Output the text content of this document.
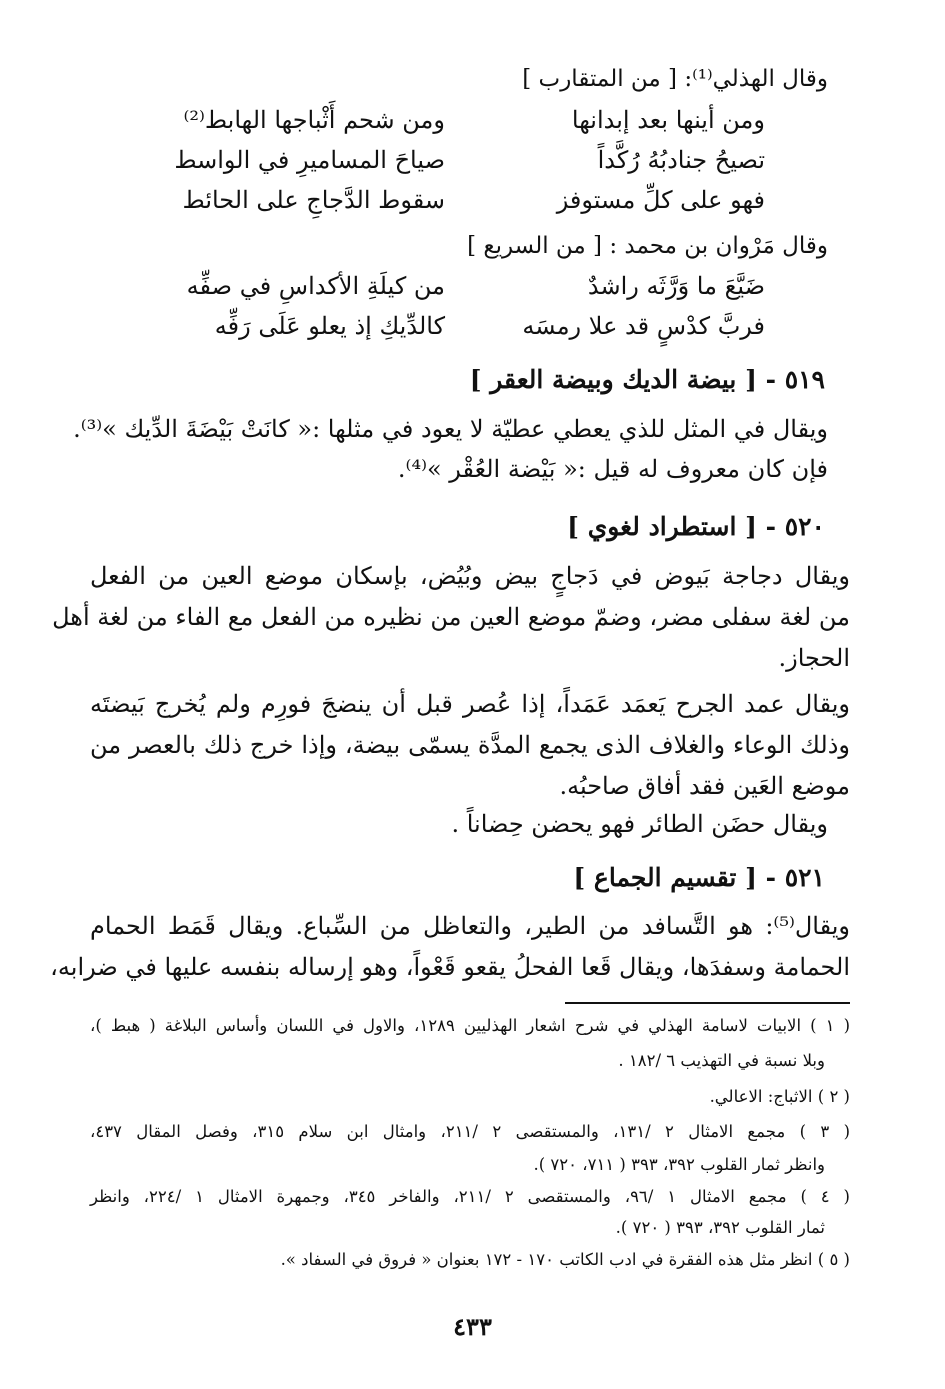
وقال الهذلي⁽¹⁾: [ من المتقارب ]
ومن أينها بعد إبدانها
ومن شحم أَثْباجها الهابط⁽²⁾
تصيحُ جنادبُهُ رُكَّداً
صياحَ المساميرِ في الواسط
فهو على كلِّ مستوفز
سقوط الدَّجاجِ على الحائط
وقال مَرْوان بن محمد : [ من السريع ]
ضَيَّعَ ما وَرَّثَه راشدٌ
من كيلَةِ الأكداسِ في صفِّه
فربَّ كدْسٍ قد علا رمسَه
كالدِّيكِ إذ يعلو عَلَى رَفِّه
٥١٩ - [ بيضة الديك وبيضة العقر ]
ويقال في المثل للذي يعطي عطيّة لا يعود في مثلها :« كانَتْ بَيْضَةَ الدِّيك »⁽³⁾.
فإن كان معروف له قيل :« بَيْضة العُقْر »⁽⁴⁾.
٥٢٠ - [ استطراد لغوي ]
ويقال دجاجة بَيوض في دَجاجٍ بيض وبُيُض، بإسكان موضع العين من الفعل
من لغة سفلى مضر، وضمّ موضع العين من نظيره من الفعل مع الفاء من لغة أهل
الحجاز.
ويقال عمد الجرح يَعمَد عَمَداً، إذا عُصر قبل أن ينضجَ فورِم ولم يُخرج بَيضتَه
وذلك الوعاء والغلاف الذى يجمع المدَّة يسمّى بيضة، وإذا خرج ذلك بالعصر من
موضع العَين فقد أفاق صاحبُه.
ويقال حضَن الطائر فهو يحضن حِضاناً .
٥٢١ - [ تقسيم الجماع ]
ويقال⁽⁵⁾: هو التَّسافد من الطير، والتعاظل من السِّباع. ويقال قَمَط الحمام
الحمامة وسفدَها، ويقال قَعا الفحلُ يقعو قَعْواً، وهو إرساله بنفسه عليها في ضرابه،
( ١ ) الابيات لاسامة الهذلي في شرح اشعار الهذليين ١٢٨٩، والاول في اللسان وأساس البلاغة ( هبط )،
وبلا نسبة في التهذيب ٦ /١٨٢ .
( ٢ ) الاثباج: الاعالي.
( ٣ ) مجمع الامثال ٢ /١٣١، والمستقصى ٢ /٢١١، وامثال ابن سلام ٣١٥، وفصل المقال ٤٣٧،
وانظر ثمار القلوب ٣٩٢، ٣٩٣ ( ٧١١، ٧٢٠ ).
( ٤ ) مجمع الامثال ١ /٩٦، والمستقصى ٢ /٢١١، والفاخر ٣٤٥، وجمهرة الامثال ١ /٢٢٤، وانظر
ثمار القلوب ٣٩٢، ٣٩٣ ( ٧٢٠ ).
( ٥ ) انظر مثل هذه الفقرة في ادب الكاتب ١٧٠ - ١٧٢ بعنوان « فروق في السفاد ».
٤٣٣
